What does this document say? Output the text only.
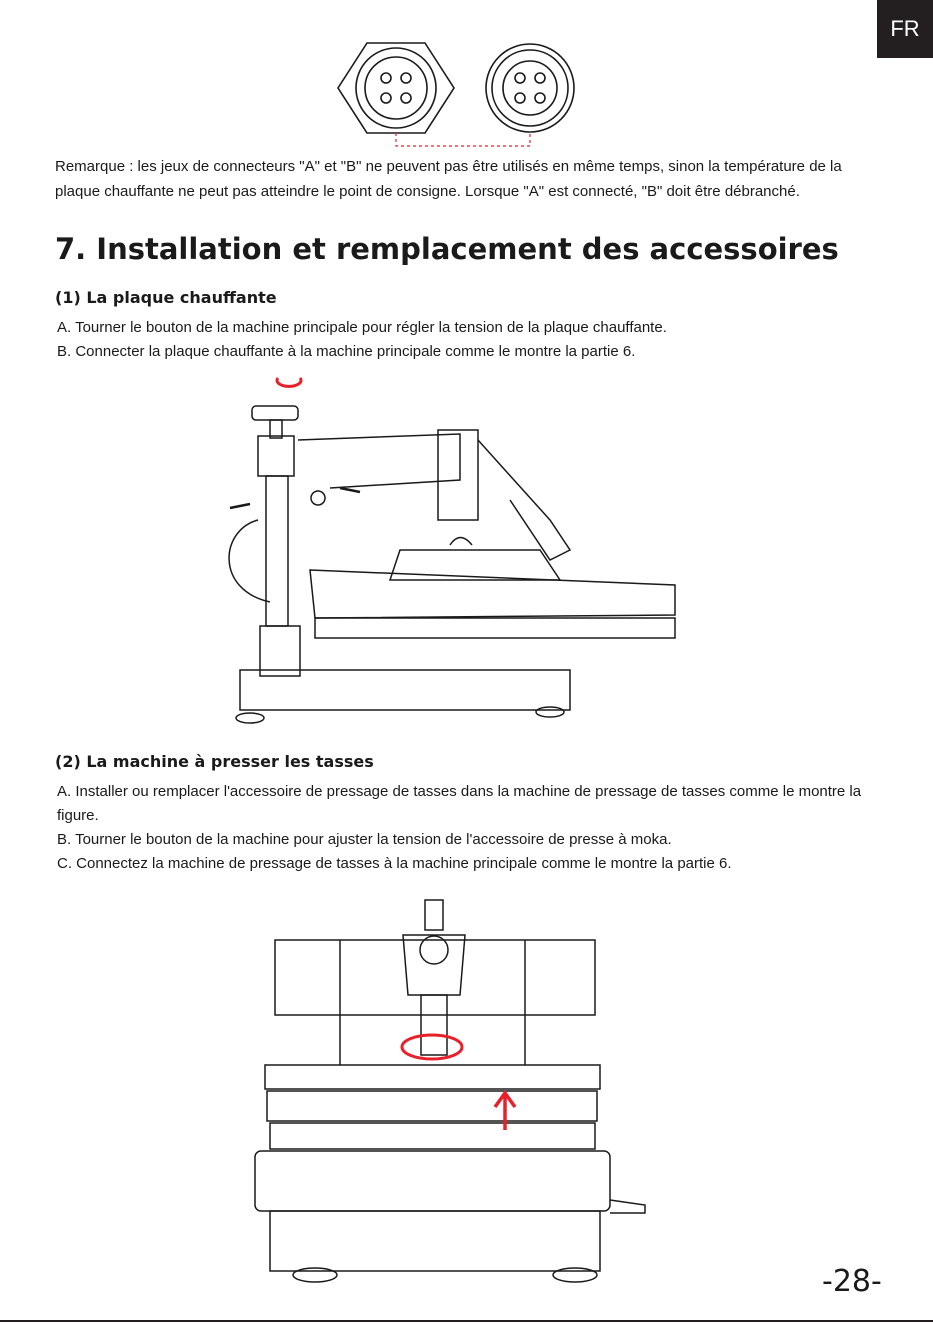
FR

Remarque : les jeux de connecteurs "A" et "B" ne peuvent pas être utilisés en même temps, sinon la température de la plaque chauffante ne peut pas atteindre le point de consigne. Lorsque "A" est connecté, "B" doit être débranché.

7. Installation et remplacement des accessoires
(1) La plaque chauffante
A. Tourner le bouton de la machine principale pour régler la tension de la plaque chauffante.
B. Connecter la plaque chauffante à la machine principale comme le montre la partie 6.
(2) La machine à presser les tasses
A. Installer ou remplacer l'accessoire de pressage de tasses dans la machine de pressage de tasses comme le montre la figure.
B. Tourner le bouton de la machine pour ajuster la tension de l'accessoire de presse à moka.
C. Connectez la machine de pressage de tasses à la machine principale comme le montre la partie 6.
-28-
